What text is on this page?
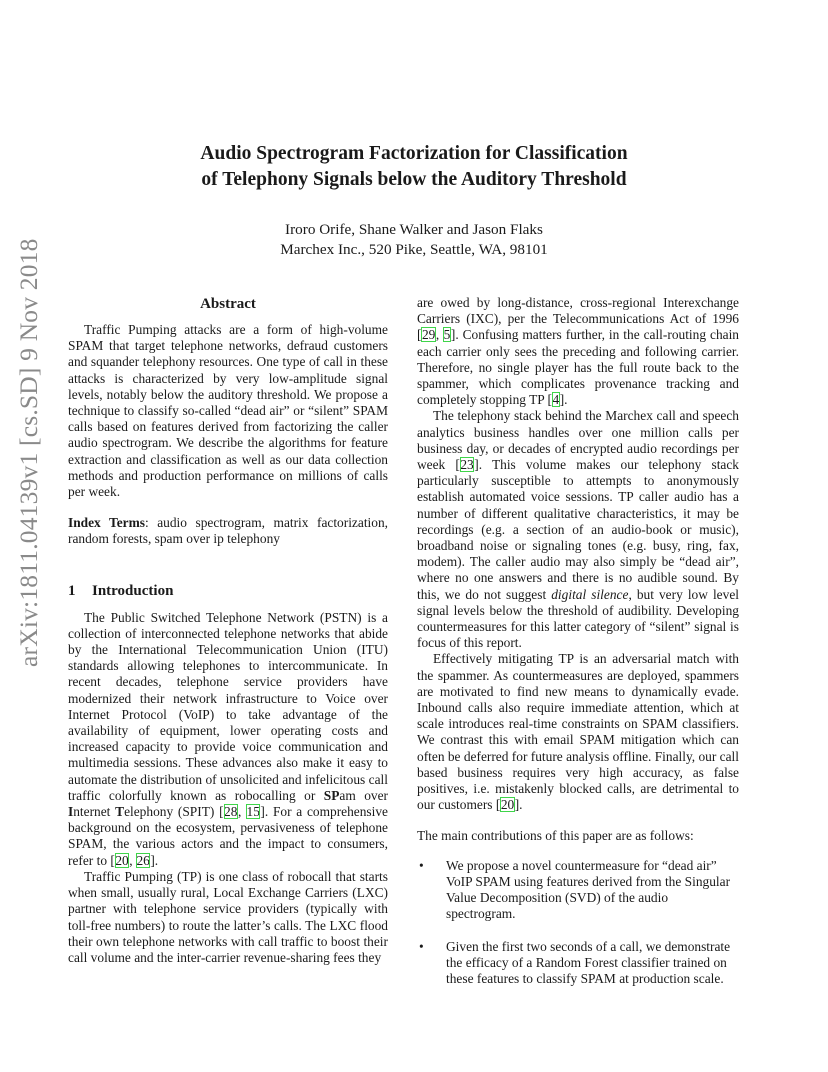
arXiv:1811.04139v1 [cs.SD] 9 Nov 2018
Audio Spectrogram Factorization for Classification
of Telephony Signals below the Auditory Threshold
Iroro Orife, Shane Walker and Jason Flaks
Marchex Inc., 520 Pike, Seattle, WA, 98101
Abstract

Traffic Pumping attacks are a form of high-volume SPAM that target telephone networks, defraud customers and squander telephony resources. One type of call in these attacks is characterized by very low-amplitude signal levels, notably below the auditory threshold. We propose a technique to classify so-called “dead air” or “silent” SPAM calls based on features derived from factorizing the caller audio spectrogram. We describe the algorithms for feature extraction and classification as well as our data collection methods and production performance on millions of calls per week.

Index Terms: audio spectrogram, matrix factorization, random forests, spam over ip telephony

1 Introduction

The Public Switched Telephone Network (PSTN) is a collection of interconnected telephone networks that abide by the International Telecommunication Union (ITU) standards allowing telephones to intercommunicate. In recent decades, telephone service providers have modernized their network infrastructure to Voice over Internet Protocol (VoIP) to take advantage of the availability of equipment, lower operating costs and increased capacity to provide voice communication and multimedia sessions. These advances also make it easy to automate the distribution of unsolicited and infelicitous call traffic colorfully known as robocalling or SPam over Internet Telephony (SPIT) [28, 15]. For a comprehensive background on the ecosystem, pervasiveness of telephone SPAM, the various actors and the impact to consumers, refer to [20, 26].

Traffic Pumping (TP) is one class of robocall that starts when small, usually rural, Local Exchange Carriers (LXC) partner with telephone service providers (typically with toll-free numbers) to route the latter’s calls. The LXC flood their own telephone networks with call traffic to boost their call volume and the inter-carrier revenue-sharing fees they

are owed by long-distance, cross-regional Interexchange Carriers (IXC), per the Telecommunications Act of 1996 [29, 5]. Confusing matters further, in the call-routing chain each carrier only sees the preceding and following carrier. Therefore, no single player has the full route back to the spammer, which complicates provenance tracking and completely stopping TP [4].

The telephony stack behind the Marchex call and speech analytics business handles over one million calls per business day, or decades of encrypted audio recordings per week [23]. This volume makes our telephony stack particularly susceptible to attempts to anonymously establish automated voice sessions. TP caller audio has a number of different qualitative characteristics, it may be recordings (e.g. a section of an audio-book or music), broadband noise or signaling tones (e.g. busy, ring, fax, modem). The caller audio may also simply be “dead air”, where no one answers and there is no audible sound. By this, we do not suggest digital silence, but very low level signal levels below the threshold of audibility. Developing countermeasures for this latter category of “silent” signal is focus of this report.

Effectively mitigating TP is an adversarial match with the spammer. As countermeasures are deployed, spammers are motivated to find new means to dynamically evade. Inbound calls also require immediate attention, which at scale introduces real-time constraints on SPAM classifiers. We contrast this with email SPAM mitigation which can often be deferred for future analysis offline. Finally, our call based business requires very high accuracy, as false positives, i.e. mistakenly blocked calls, are detrimental to our customers [20].

The main contributions of this paper are as follows:

• We propose a novel countermeasure for “dead air” VoIP SPAM using features derived from the Singular Value Decomposition (SVD) of the audio spectrogram.
• Given the first two seconds of a call, we demonstrate the efficacy of a Random Forest classifier trained on these features to classify SPAM at production scale.
